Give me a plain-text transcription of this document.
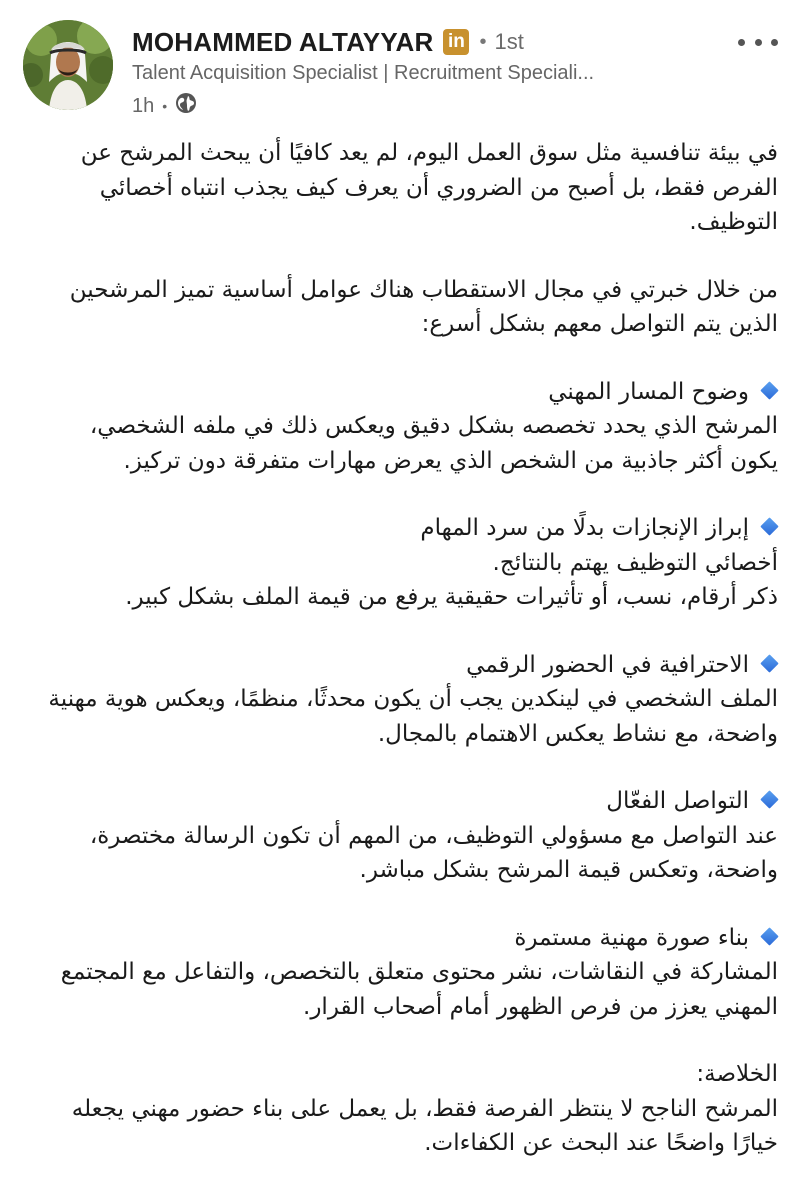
MOHAMMED ALTAYYAR in • 1st
Talent Acquisition Specialist | Recruitment Speciali...
1h •

في بيئة تنافسية مثل سوق العمل اليوم، لم يعد كافيًا أن يبحث المرشح عن الفرص فقط، بل أصبح من الضروري أن يعرف كيف يجذب انتباه أخصائي التوظيف.

من خلال خبرتي في مجال الاستقطاب هناك عوامل أساسية تميز المرشحين الذين يتم التواصل معهم بشكل أسرع:

وضوح المسار المهني

المرشح الذي يحدد تخصصه بشكل دقيق ويعكس ذلك في ملفه الشخصي، يكون أكثر جاذبية من الشخص الذي يعرض مهارات متفرقة دون تركيز.

إبراز الإنجازات بدلًا من سرد المهام

أخصائي التوظيف يهتم بالنتائج.

ذكر أرقام، نسب، أو تأثيرات حقيقية يرفع من قيمة الملف بشكل كبير.

الاحترافية في الحضور الرقمي

الملف الشخصي في لينكدين يجب أن يكون محدثًا، منظمًا، ويعكس هوية مهنية واضحة، مع نشاط يعكس الاهتمام بالمجال.

التواصل الفعّال

عند التواصل مع مسؤولي التوظيف، من المهم أن تكون الرسالة مختصرة، واضحة، وتعكس قيمة المرشح بشكل مباشر.

بناء صورة مهنية مستمرة

المشاركة في النقاشات، نشر محتوى متعلق بالتخصص، والتفاعل مع المجتمع المهني يعزز من فرص الظهور أمام أصحاب القرار.

الخلاصة:

المرشح الناجح لا ينتظر الفرصة فقط، بل يعمل على بناء حضور مهني يجعله خيارًا واضحًا عند البحث عن الكفاءات.
